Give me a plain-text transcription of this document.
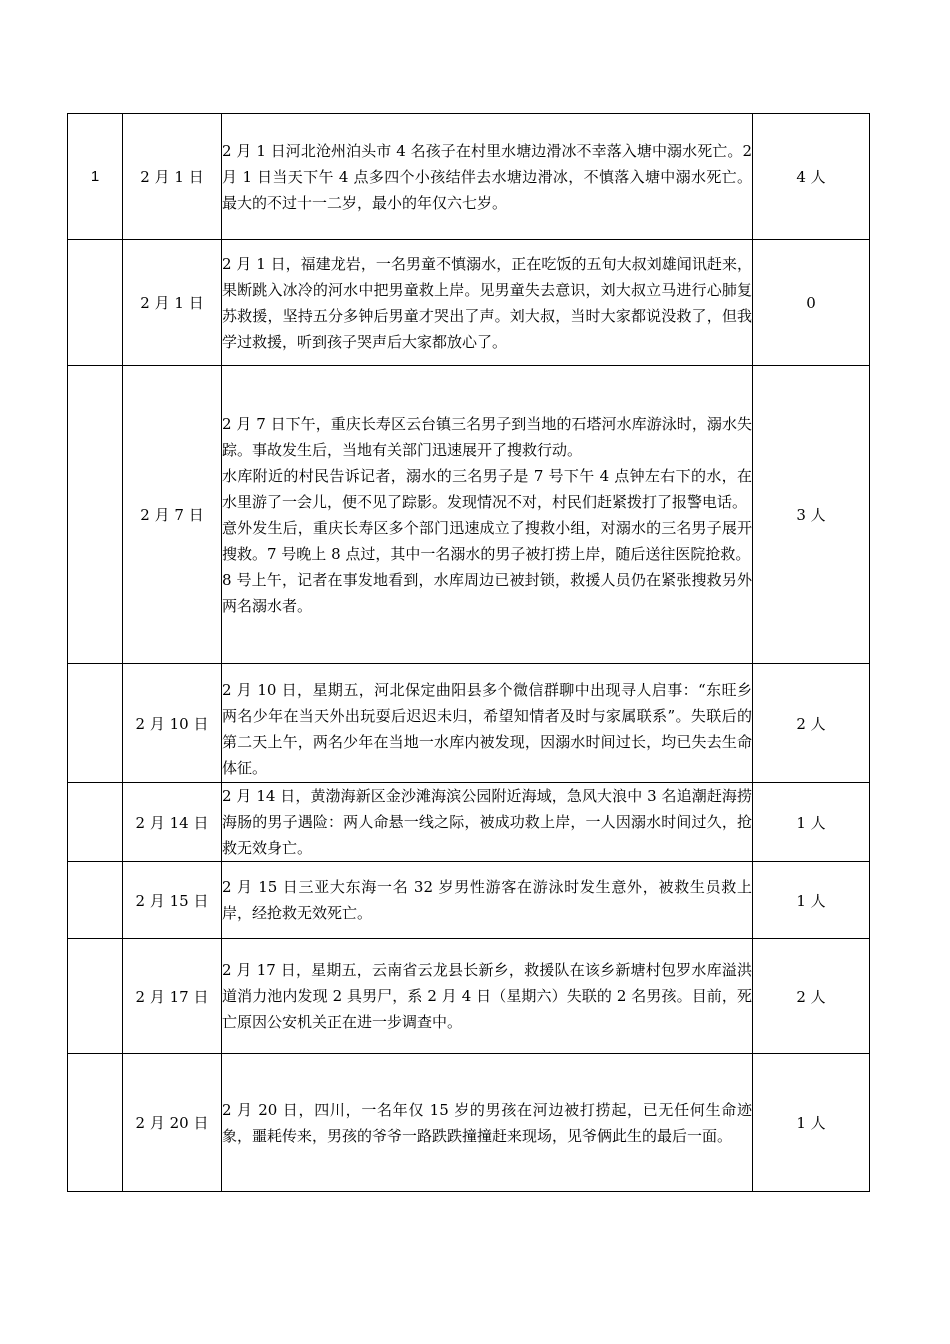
1	2 月 1 日	2 月 1 日河北沧州泊头市 4 名孩子在村里水塘边滑冰不幸落入塘中溺水死亡。2 月 1 日当天下午 4 点多四个小孩结伴去水塘边滑冰，不慎落入塘中溺水死亡。最大的不过十一二岁，最小的年仅六七岁。	4 人
	2 月 1 日	2 月 1 日，福建龙岩，一名男童不慎溺水，正在吃饭的五旬大叔刘雄闻讯赶来，果断跳入冰冷的河水中把男童救上岸。见男童失去意识，刘大叔立马进行心肺复苏救援，坚持五分多钟后男童才哭出了声。刘大叔，当时大家都说没救了，但我学过救援，听到孩子哭声后大家都放心了。	0
	2 月 7 日	2 月 7 日下午，重庆长寿区云台镇三名男子到当地的石塔河水库游泳时，溺水失踪。事故发生后，当地有关部门迅速展开了搜救行动。
水库附近的村民告诉记者，溺水的三名男子是 7 号下午 4 点钟左右下的水，在水里游了一会儿，便不见了踪影。发现情况不对，村民们赶紧拨打了报警电话。
意外发生后，重庆长寿区多个部门迅速成立了搜救小组，对溺水的三名男子展开搜救。7 号晚上 8 点过，其中一名溺水的男子被打捞上岸，随后送往医院抢救。
8 号上午，记者在事发地看到，水库周边已被封锁，救援人员仍在紧张搜救另外两名溺水者。	3 人
	2 月 10 日	2 月 10 日，星期五，河北保定曲阳县多个微信群聊中出现寻人启事：“东旺乡两名少年在当天外出玩耍后迟迟未归，希望知情者及时与家属联系”。失联后的第二天上午，两名少年在当地一水库内被发现，因溺水时间过长，均已失去生命体征。	2 人
	2 月 14 日	2 月 14 日，黄渤海新区金沙滩海滨公园附近海域，急风大浪中 3 名追潮赶海捞海肠的男子遇险：两人命悬一线之际，被成功救上岸，一人因溺水时间过久，抢救无效身亡。	1 人
	2 月 15 日	2 月 15 日三亚大东海一名 32 岁男性游客在游泳时发生意外，被救生员救上岸，经抢救无效死亡。	1 人
	2 月 17 日	2 月 17 日，星期五，云南省云龙县长新乡，救援队在该乡新塘村包罗水库溢洪道消力池内发现 2 具男尸，系 2 月 4 日（星期六）失联的 2 名男孩。目前，死亡原因公安机关正在进一步调查中。	2 人
	2 月 20 日	2 月 20 日，四川，一名年仅 15 岁的男孩在河边被打捞起，已无任何生命迹象，噩耗传来，男孩的爷爷一路跌跌撞撞赶来现场，见爷俩此生的最后一面。	1 人
